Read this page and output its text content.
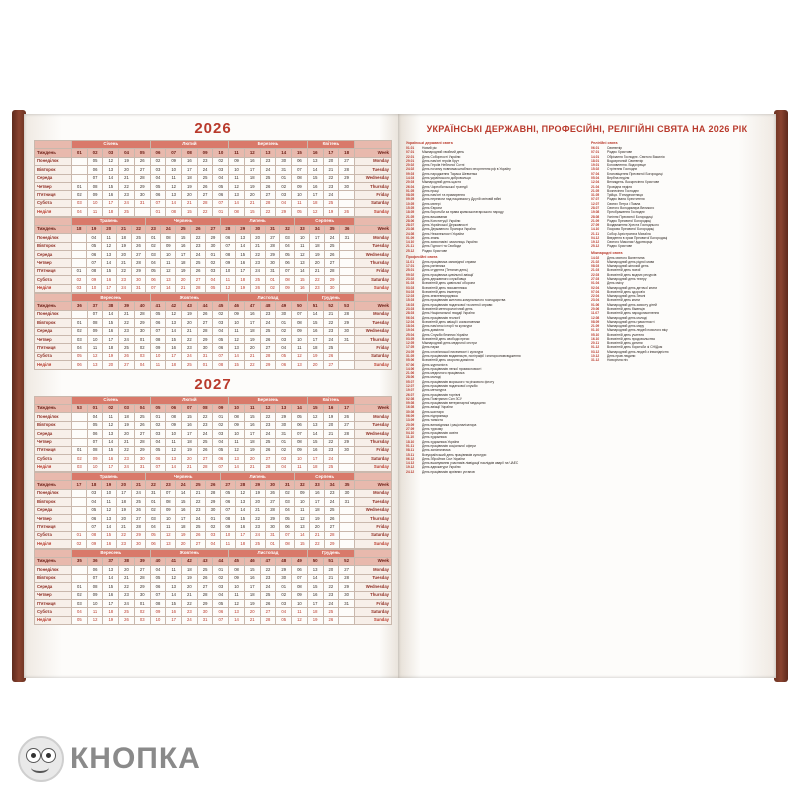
2026
	Січень					Лютий					Березень					Квітень			
Тиждень	01	02	03	04	05	06	07	08	09	10	11	12	13	14	15	16	17	18	Week
Понеділок		05	12	19	26	02	09	16	23	02	09	16	23	30	06	13	20	27	Monday
Вівторок		06	13	20	27	03	10	17	24	03	10	17	24	31	07	14	21	28	Tuesday
Середа		07	14	21	28	04	11	18	25	04	11	18	25	01	08	15	22	29	Wednesday
Четвер	01	08	15	22	29	05	12	19	26	05	12	19	26	02	09	16	23	30	Thursday
П'ятниця	02	09	16	23	30	06	13	20	27	06	13	20	27	03	10	17	24		Friday
Субота	03	10	17	24	31	07	14	21	28	07	14	21	28	04	11	18	25		Saturday
Неділя	04	11	18	25		01	08	15	22	01	08	15	22	29	05	12	19	26	Sunday
	Травень					Червень					Липень					Серпень				
Тиждень	18	19	20	21	22	23	24	25	26	27	28	29	30	31	32	33	34	35	36	Week
Понеділок		04	11	18	25	01	08	15	22	29	06	13	20	27	03	10	17	24	31	Monday
Вівторок		05	12	19	26	02	09	16	23	30	07	14	21	28	04	11	18	25		Tuesday
Середа		06	13	20	27	03	10	17	24	01	08	15	22	29	05	12	19	26		Wednesday
Четвер		07	14	21	28	04	11	18	25	02	09	16	23	30	06	13	20	27		Thursday
П'ятниця	01	08	15	22	29	05	12	19	26	03	10	17	24	31	07	14	21	28		Friday
Субота	02	09	16	23	30	06	13	20	27	04	11	18	25	01	08	15	22	29		Saturday
Неділя	03	10	17	24	31	07	14	21	28	05	12	19	26	02	09	16	23	30		Sunday
	Вересень					Жовтень					Листопад					Грудень			
Тиждень	36	37	38	39	40	41	42	43	44	45	46	47	48	49	50	51	52	53	Week
Понеділок		07	14	21	28	05	12	19	26	02	09	16	23	30	07	14	21	28	Monday
Вівторок	01	08	15	22	29	06	13	20	27	03	10	17	24	01	08	15	22	29	Tuesday
Середа	02	09	16	23	30	07	14	21	28	04	11	18	25	02	09	16	23	30	Wednesday
Четвер	03	10	17	24	01	08	15	22	29	05	12	19	26	03	10	17	24	31	Thursday
П'ятниця	04	11	18	25	02	09	16	23	30	06	13	20	27	04	11	18	25		Friday
Субота	05	12	19	26	03	10	17	24	31	07	14	21	28	05	12	19	26		Saturday
Неділя	06	13	20	27	04	11	18	25	01	08	15	22	29	06	13	20	27		Sunday
2027
	Січень					Лютий					Березень					Квітень			
Тиждень	53	01	02	03	04	05	06	07	08	09	10	11	12	13	14	15	16	17	Week
Понеділок		04	11	18	25	01	08	15	22	01	08	15	22	29	05	12	19	26	Monday
Вівторок		05	12	19	26	02	09	16	23	02	09	16	23	30	06	13	20	27	Tuesday
Середа		06	13	20	27	03	10	17	24	03	10	17	24	31	07	14	21	28	Wednesday
Четвер		07	14	21	28	04	11	18	25	04	11	18	25	01	08	15	22	29	Thursday
П'ятниця	01	08	15	22	29	05	12	19	26	05	12	19	26	02	09	16	23	30	Friday
Субота	02	09	16	23	30	06	13	20	27	06	13	20	27	03	10	17	24		Saturday
Неділя	03	10	17	24	31	07	14	21	28	07	14	21	28	04	11	18	25		Sunday
	Травень					Червень					Липень					Серпень				
Тиждень	17	18	19	20	21	22	23	24	25	26	27	28	29	30	31	32	33	34	35	Week
Понеділок		03	10	17	24	31	07	14	21	28	05	12	19	26	02	09	16	23	30	Monday
Вівторок		04	11	18	25	01	08	15	22	29	06	13	20	27	03	10	17	24	31	Tuesday
Середа		05	12	19	26	02	09	16	23	30	07	14	21	28	04	11	18	25		Wednesday
Четвер		06	13	20	27	03	10	17	24	01	08	15	22	29	05	12	19	26		Thursday
П'ятниця		07	14	21	28	04	11	18	25	02	09	16	23	30	06	13	20	27		Friday
Субота	01	08	15	22	29	05	12	19	26	03	10	17	24	31	07	14	21	28		Saturday
Неділя	02	09	16	23	30	06	13	20	27	04	11	18	25	01	08	15	22	29		Sunday
	Вересень					Жовтень					Листопад					Грудень			
Тиждень	35	36	37	38	39	40	41	42	43	44	45	46	47	48	49	50	51	52	Week
Понеділок		06	13	20	27	04	11	18	25	01	08	15	22	29	06	13	20	27	Monday
Вівторок		07	14	21	28	05	12	19	26	02	09	16	23	30	07	14	21	28	Tuesday
Середа	01	08	15	22	29	06	13	20	27	03	10	17	24	01	08	15	22	29	Wednesday
Четвер	02	09	16	23	30	07	14	21	28	04	11	18	25	02	09	16	23	30	Thursday
П'ятниця	03	10	17	24	01	08	15	22	29	05	12	19	26	03	10	17	24	31	Friday
Субота	04	11	18	25	02	09	16	23	30	06	13	20	27	04	11	18	25		Saturday
Неділя	05	12	19	26	03	10	17	24	31	07	14	21	28	05	12	19	26		Sunday
УКРАЇНСЬКІ ДЕРЖАВНІ, ПРОФЕСІЙНІ, РЕЛІГІЙНІ СВЯТА НА 2026 РІК
Українські державні свята
01.01	Новий рік
07.01	Міжнародний хвойний день
22.01	День Соборності України
29.01	День пам'яті героїв Крут
20.02	День Героїв Небесної Сотні
24.02	День початку повномасштабного вторгнення рф в Україну
09.03	День народження Тараса Шевченка
14.03	День українського добровольця
20.03	Міжнародний день щастя
26.04	День Чорнобильської трагедії
01.05	День праці
08.05	День пам'яті та примирення
09.05	День перемоги над нацизмом у Другій світовій війні
10.05	День матері
15.05	День Європи
18.05	День боротьби за права кримськотатарського народу
21.05	День вишиванки
28.06	День Конституції України
28.07	День Української Державності
23.08	День Державного Прапора України
24.08	День Незалежності України
01.09	День знань
14.10	День захисників і захисниць України
21.11	День Гідності та Свободи
25.12	Різдво Христове
Професійні свята
11.01	День працівника заповідної справи
17.01	День рятівника
25.01	День студента (Тетянин день)
09.02	День працівника цивільної авіації
23.02	День державного службовця
01.03	Всесвітній день цивільної оборони
03.03	Всесвітній день письменника
04.03	Всесвітній день інженера
12.03	День землевпорядника
15.03	День працівників житлово-комунального господарства
16.03	День працівників податкової та митної справи
23.03	Всесвітній метеорологічний день
28.03	День Національної гвардії України
06.04	День працівників геології
12.04	Всесвітній день авіації і космонавтики
18.04	День пам'яток історії та культури
19.04	День довкілля
25.04	День Служби безпеки України
03.05	Всесвітній день свободи преси
12.05	Міжнародний день медичної сестри
17.05	День науки
24.05	День слов'янської писемності і культури
31.05	День працівників видавництв, поліграфії і книгорозповсюдження
05.06	Всесвітній день охорони довкілля
07.06	День журналіста
14.06	День працівників легкої промисловості
21.06	День медичного працівника
28.06	День молоді
05.07	День працівників морського та річкового флоту
12.07	День працівників податкової служби
19.07	День металурга
26.07	День працівників торгівлі
02.08	День Повітряних Сил ЗСУ
09.08	День працівників ветеринарної медицини
16.08	День авіації України
30.08	День шахтаря
06.09	День підприємця
13.09	День танкіста
20.09	День винахідника і раціоналізатора
27.09	День туризму
04.10	День працівників освіти
11.10	День художника
18.10	День художника України
01.11	День працівників соціальної сфери
08.11	День залізничника
15.11	Всеукраїнський день працівників культури
06.12	День Збройних Сил України
14.12	День вшанування учасників ліквідації наслідків аварії на ЧАЕС
19.12	День адвокатури України
24.12	День працівників архівних установ
Релігійні свята
06.01	Святвечір
07.01	Різдво Христове
14.01	Обрізання Господнє. Святого Василія
18.01	Водохресний Святвечір
19.01	Богоявлення. Водохреще
15.02	Стрітення Господнє
07.04	Благовіщення Пресвятої Богородиці
05.04	Вербна неділя
12.04	Великдень. Воскресіння Христове
21.04	Провідна неділя
21.05	Вознесіння Господнє
31.05	Трійця. П'ятидесятниця
07.07	Різдво Івана Хрестителя
12.07	Святих Петра і Павла
28.07	Святого Володимира Великого
19.08	Преображення Господнє
28.08	Успіння Пресвятої Богородиці
21.09	Різдво Пресвятої Богородиці
27.09	Воздвиження Хреста Господнього
14.10	Покрова Пресвятої Богородиці
21.11	Собор Архістратига Михаїла
04.12	Введення в храм Пресвятої Богородиці
19.12	Святого Миколая Чудотворця
25.12	Різдво Христове
Міжнародні свята
14.02	День святого Валентина
21.02	Міжнародний день рідної мови
08.03	Міжнародний жіночий день
21.03	Всесвітній день поезії
22.03	Всесвітній день водних ресурсів
27.03	Міжнародний день театру
01.04	День сміху
02.04	Міжнародний день дитячої книги
07.04	Всесвітній день здоров'я
22.04	Міжнародний день Землі
23.04	Всесвітній день книги
01.06	Міжнародний день захисту дітей
20.06	Всесвітній день біженців
11.07	Всесвітній день народонаселення
12.08	Міжнародний день молоді
08.09	Міжнародний день грамотності
21.09	Міжнародний день миру
01.10	Міжнародний день людей похилого віку
05.10	Всесвітній день учителя
16.10	Всесвітній день продовольства
20.11	Всесвітній день дитини
01.12	Всесвітній день боротьби зі СНІДом
03.12	Міжнародний день людей з інвалідністю
10.12	День прав людини
31.12	Новорічна ніч
КНОПКА
